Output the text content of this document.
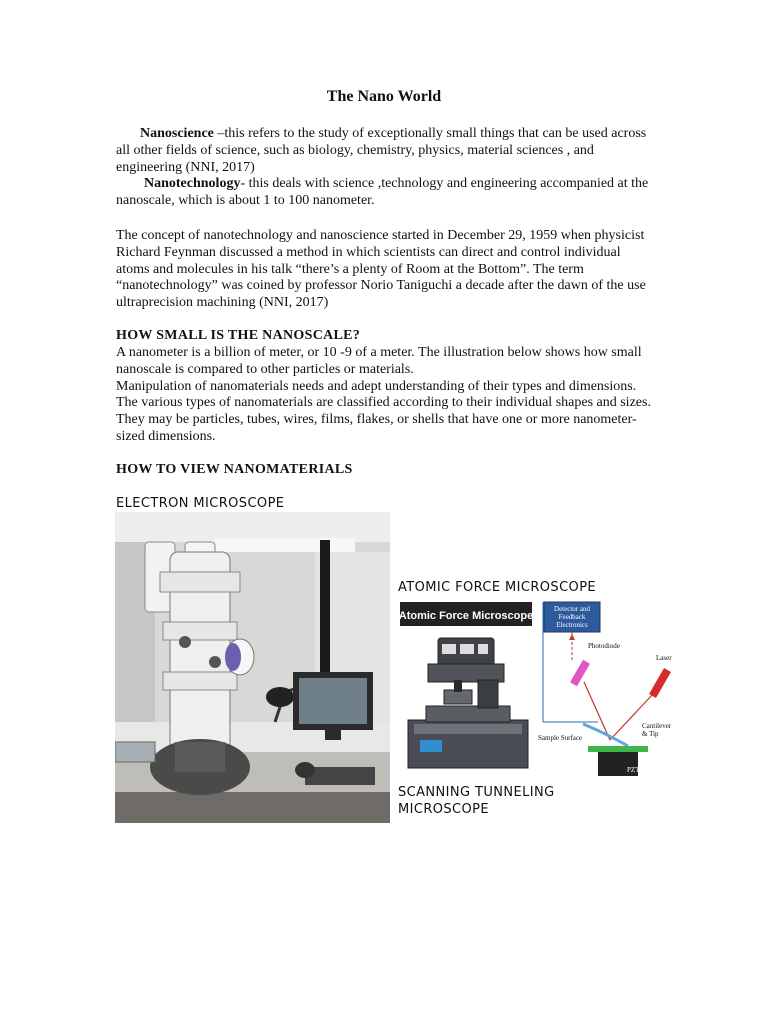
The Nano World

Nanoscience –this refers to the study of exceptionally small things that can be used across all other fields of science, such as biology, chemistry, physics, material sciences , and engineering (NNI, 2017)

Nanotechnology- this deals with science ,technology and engineering accompanied at the nanoscale, which is about 1 to 100 nanometer.

The concept of nanotechnology and nanoscience started in December 29, 1959 when physicist Richard Feynman discussed a method in which scientists can direct and control individual atoms and molecules in his talk “there’s a plenty of Room at the Bottom”. The term “nanotechnology” was coined by professor Norio Taniguchi a decade after the dawn of the use ultraprecision machining (NNI, 2017)
HOW SMALL IS THE NANOSCALE?

A nanometer is a billion of meter, or 10 -9 of a meter. The illustration below shows how small nanoscale is compared to other particles or materials.

Manipulation of nanomaterials needs and adept understanding of their types and dimensions. The various types of nanomaterials are classified according to their individual shapes and sizes. They may be particles, tubes, wires, films, flakes, or shells that have one or more nanometer-sized dimensions.

HOW TO VIEW NANOMATERIALS
ELECTRON MICROSCOPE
ATOMIC FORCE MICROSCOPE
Atomic Force Microscope
Detector and
Feedback
Electronics
Photodiode
Laser
Cantilever
& Tip
Sample Surface
PZT
SCANNING TUNNELING
MICROSCOPE
